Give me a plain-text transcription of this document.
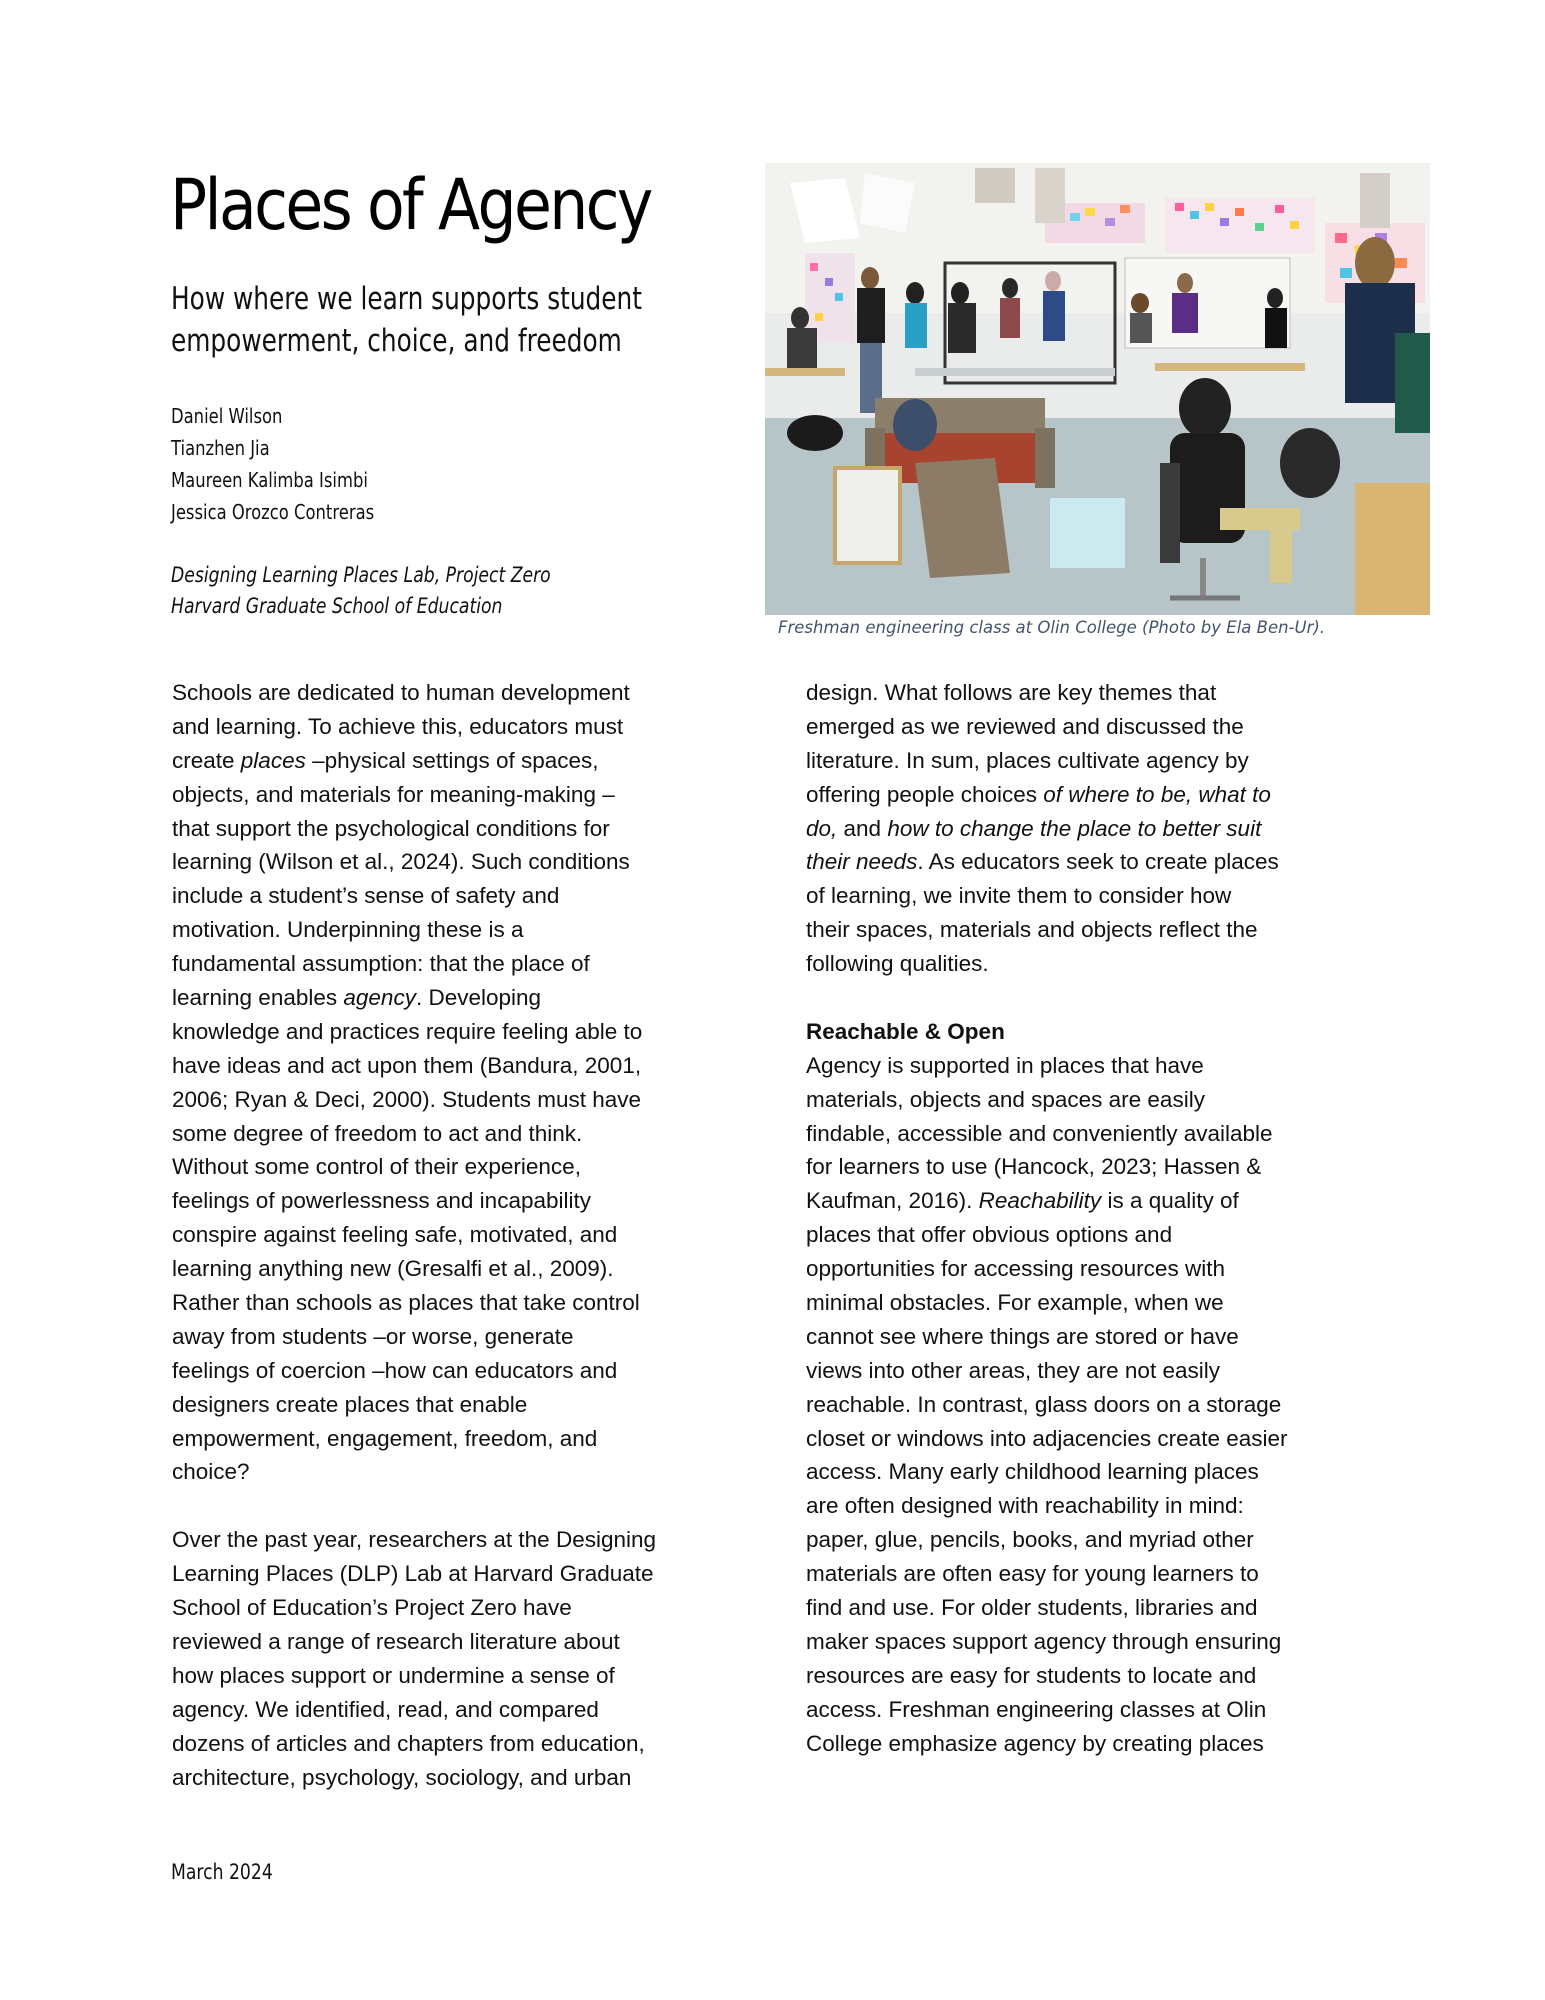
Places of Agency
How where we learn supports student
empowerment, choice, and freedom
Daniel Wilson
Tianzhen Jia
Maureen Kalimba Isimbi
Jessica Orozco Contreras
Designing Learning Places Lab, Project Zero
Harvard Graduate School of Education
Freshman engineering class at Olin College (Photo by Ela Ben-Ur).
Schools are dedicated to human development
and learning. To achieve this, educators must
create places –physical settings of spaces,
objects, and materials for meaning-making –
that support the psychological conditions for
learning (Wilson et al., 2024). Such conditions
include a student’s sense of safety and
motivation. Underpinning these is a
fundamental assumption: that the place of
learning enables agency. Developing
knowledge and practices require feeling able to
have ideas and act upon them (Bandura, 2001,
2006; Ryan & Deci, 2000). Students must have
some degree of freedom to act and think.
Without some control of their experience,
feelings of powerlessness and incapability
conspire against feeling safe, motivated, and
learning anything new (Gresalfi et al., 2009).
Rather than schools as places that take control
away from students –or worse, generate
feelings of coercion –how can educators and
designers create places that enable
empowerment, engagement, freedom, and
choice?
Over the past year, researchers at the Designing
Learning Places (DLP) Lab at Harvard Graduate
School of Education’s Project Zero have
reviewed a range of research literature about
how places support or undermine a sense of
agency. We identified, read, and compared
dozens of articles and chapters from education,
architecture, psychology, sociology, and urban
design. What follows are key themes that
emerged as we reviewed and discussed the
literature. In sum, places cultivate agency by
offering people choices of where to be, what to
do, and how to change the place to better suit
their needs. As educators seek to create places
of learning, we invite them to consider how
their spaces, materials and objects reflect the
following qualities.
Reachable & Open
Agency is supported in places that have
materials, objects and spaces are easily
findable, accessible and conveniently available
for learners to use (Hancock, 2023; Hassen &
Kaufman, 2016). Reachability is a quality of
places that offer obvious options and
opportunities for accessing resources with
minimal obstacles. For example, when we
cannot see where things are stored or have
views into other areas, they are not easily
reachable. In contrast, glass doors on a storage
closet or windows into adjacencies create easier
access. Many early childhood learning places
are often designed with reachability in mind:
paper, glue, pencils, books, and myriad other
materials are often easy for young learners to
find and use. For older students, libraries and
maker spaces support agency through ensuring
resources are easy for students to locate and
access. Freshman engineering classes at Olin
College emphasize agency by creating places
March 2024
